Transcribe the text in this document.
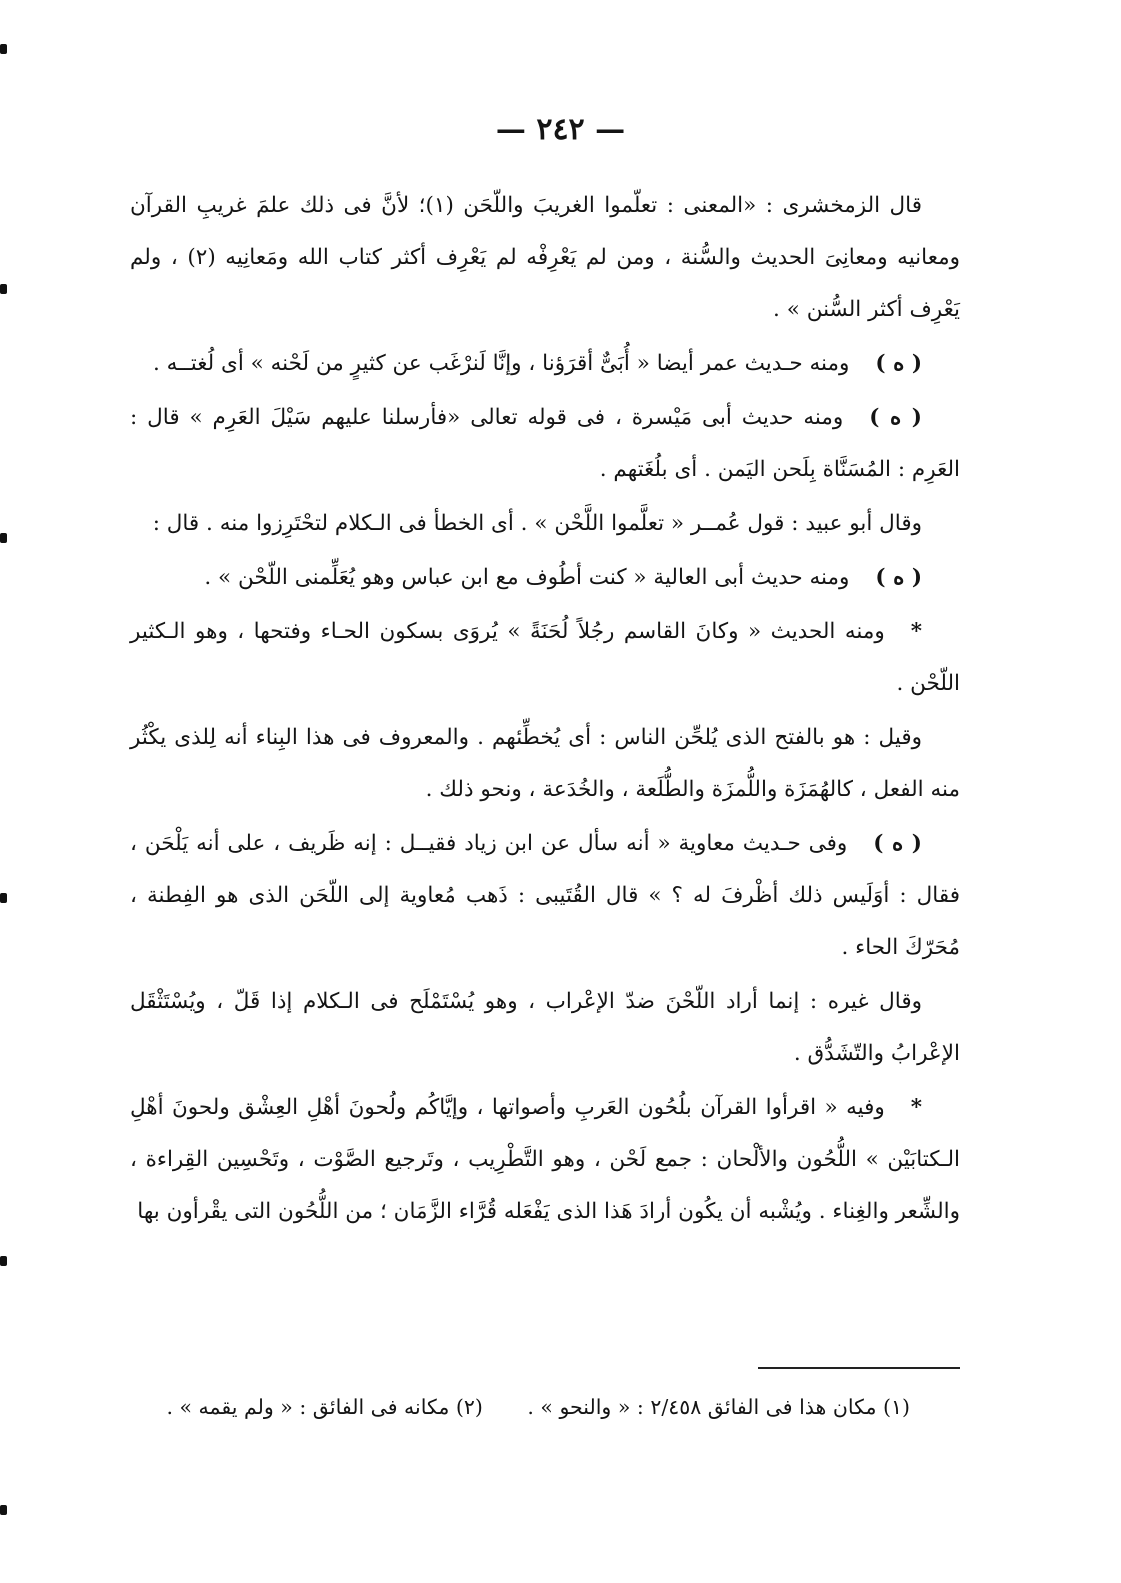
— ٢٤٢ —

قال الزمخشرى : «المعنى : تعلّموا الغريبَ واللّحَن (١)؛ لأنَّ فى ذلك علمَ غريبِ القرآن ومعانيه ومعانِىَ الحديث والسُّنة ، ومن لم يَعْرِفْه لم يَعْرِف أكثر كتاب الله ومَعانِيه (٢) ، ولم يَعْرِف أكثر السُّنن » .

( ه )ومنه حـديث عمر أيضا « أُبَىٌّ أقرَؤنا ، وإنَّا لَنرْغَب عن كثيرٍ من لَحْنه » أى لُغتــه .

( ه )ومنه حديث أبى مَيْسرة ، فى قوله تعالى «فأرسلنا عليهم سَيْلَ العَرِم » قال : العَرِم : المُسَنَّاة بِلَحن اليَمن . أى بلُغَتهم .

وقال أبو عبيد : قول عُمــر « تعلَّموا اللَّحْن » . أى الخطأ فى الـكلام لتحْتَرِزوا منه . قال :

( ه )ومنه حديث أبى العالية « كنت أطُوف مع ابن عباس وهو يُعَلِّمنى اللّحْن » .

*ومنه الحديث « وكانَ القاسم رجُلاً لُحَنَةً » يُروَى بسكون الحـاء وفتحها ، وهو الـكثير اللّحْن .

وقيل : هو بالفتح الذى يُلحِّن الناس : أى يُخطِّئهم . والمعروف فى هذا البِناء أنه لِلذى يكْثُر منه الفعل ، كالهُمَزَة واللُّمزَة والطُّلَعة ، والخُدَعة ، ونحو ذلك .

( ه )وفى حـديث معاوية « أنه سأل عن ابن زياد فقيــل : إنه ظَريف ، على أنه يَلْحَن ، فقال : أوَلَيس ذلك أظْرفَ له ؟ » قال القُتَيبى : ذَهب مُعاوية إلى اللّحَن الذى هو الفِطنة ، مُحَرّكَ الحاء .

وقال غيره : إنما أراد اللّحْنَ ضدّ الإعْراب ، وهو يُسْتَمْلَح فى الـكلام إذا قَلّ ، ويُسْتَثْقَل الإعْرابُ والتّشَدُّق .

*وفيه « اقرأوا القرآن بلُحُون العَربِ وأصواتها ، وإيَّاكُم ولُحونَ أهْلِ العِشْق ولحونَ أهْلِ الـكتابَيْن » اللُّحُون والألْحان : جمع لَحْن ، وهو التَّطْرِيب ، وتَرجيع الصَّوْت ، وتَحْسِين القِراءة ، والشِّعر والغِناء . ويُشْبه أن يكُون أرادَ هَذا الذى يَفْعَله قُرَّاء الزَّمَان ؛ من اللُّحُون التى يقْرأون بها

(١) مكان هذا فى الفائق ٢/٤٥٨ : « والنحو » . (٢) مكانه فى الفائق : « ولم يقمه » .
